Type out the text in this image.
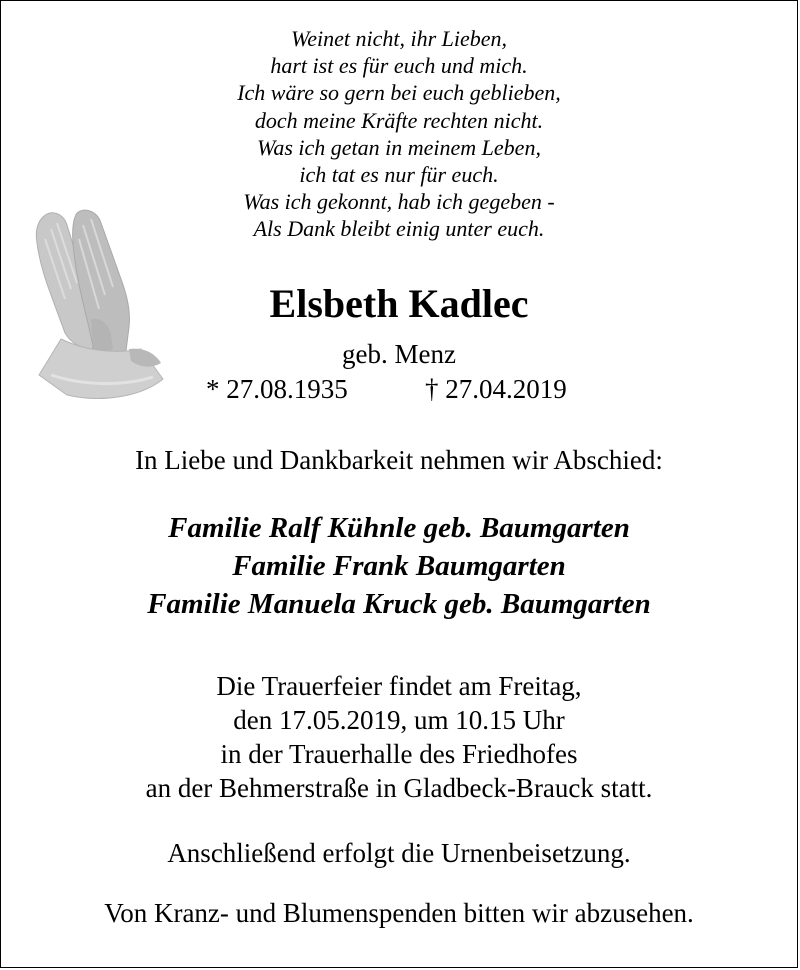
Weinet nicht, ihr Lieben,
hart ist es für euch und mich.
Ich wäre so gern bei euch geblieben,
doch meine Kräfte rechten nicht.
Was ich getan in meinem Leben,
ich tat es nur für euch.
Was ich gekonnt, hab ich gegeben -
Als Dank bleibt einig unter euch.
Elsbeth Kadlec
geb. Menz
* 27.08.1935	† 27.04.2019
In Liebe und Dankbarkeit nehmen wir Abschied:
Familie Ralf Kühnle geb. Baumgarten
Familie Frank Baumgarten
Familie Manuela Kruck geb. Baumgarten
Die Trauerfeier findet am Freitag,
den 17.05.2019, um 10.15 Uhr
in der Trauerhalle des Friedhofes
an der Behmerstraße in Gladbeck-Brauck statt.
Anschließend erfolgt die Urnenbeisetzung.
Von Kranz- und Blumenspenden bitten wir abzusehen.
